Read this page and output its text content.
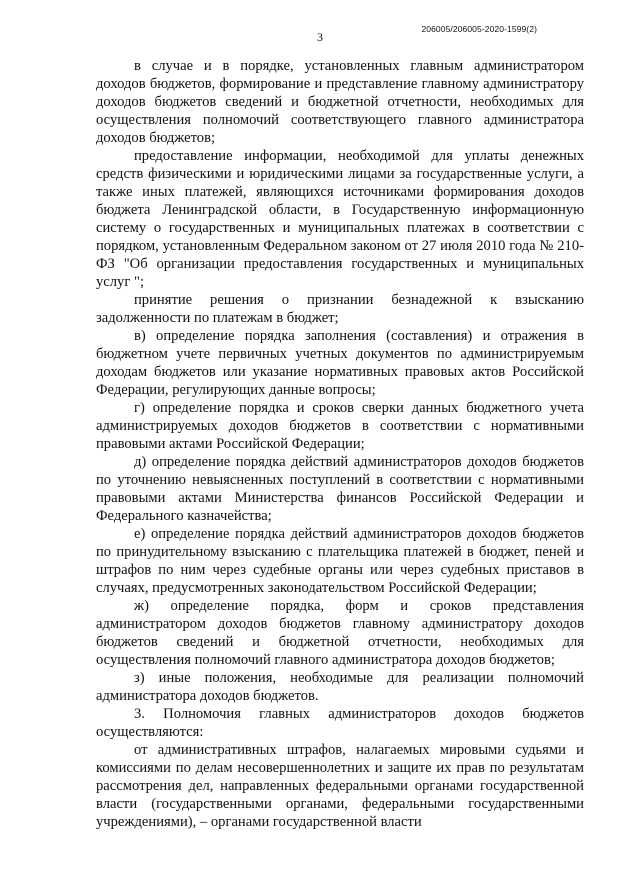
3
206005/206005-2020-1599(2)

в случае и в порядке, установленных главным администратором доходов бюджетов, формирование и представление главному администратору доходов бюджетов сведений и бюджетной отчетности, необходимых для осуществления полномочий соответствующего главного администратора доходов бюджетов;

предоставление информации, необходимой для уплаты денежных средств физическими и юридическими лицами за государственные услуги, а также иных платежей, являющихся источниками формирования доходов бюджета Ленинградской области, в Государственную информационную систему о государственных и муниципальных платежах в соответствии с порядком, установленным Федеральном законом от 27 июля 2010 года № 210-ФЗ "Об организации предоставления государственных и муниципальных услуг ";

принятие решения о признании безнадежной к взысканию задолженности по платежам в бюджет;

в) определение порядка заполнения (составления) и отражения в бюджетном учете первичных учетных документов по администрируемым доходам бюджетов или указание нормативных правовых актов Российской Федерации, регулирующих данные вопросы;

г) определение порядка и сроков сверки данных бюджетного учета администрируемых доходов бюджетов в соответствии с нормативными правовыми актами Российской Федерации;

д) определение порядка действий администраторов доходов бюджетов по уточнению невыясненных поступлений в соответствии с нормативными правовыми актами Министерства финансов Российской Федерации и Федерального казначейства;

е) определение порядка действий администраторов доходов бюджетов по принудительному взысканию с плательщика платежей в бюджет, пеней и штрафов по ним через судебные органы или через судебных приставов в случаях, предусмотренных законодательством Российской Федерации;

ж) определение порядка, форм и сроков представления администратором доходов бюджетов главному администратору доходов бюджетов сведений и бюджетной отчетности, необходимых для осуществления полномочий главного администратора доходов бюджетов;

з) иные положения, необходимые для реализации полномочий администратора доходов бюджетов.

3. Полномочия главных администраторов доходов бюджетов осуществляются:

от административных штрафов, налагаемых мировыми судьями и комиссиями по делам несовершеннолетних и защите их прав по результатам рассмотрения дел, направленных федеральными органами государственной власти (государственными органами, федеральными государственными учреждениями), – органами государственной власти
